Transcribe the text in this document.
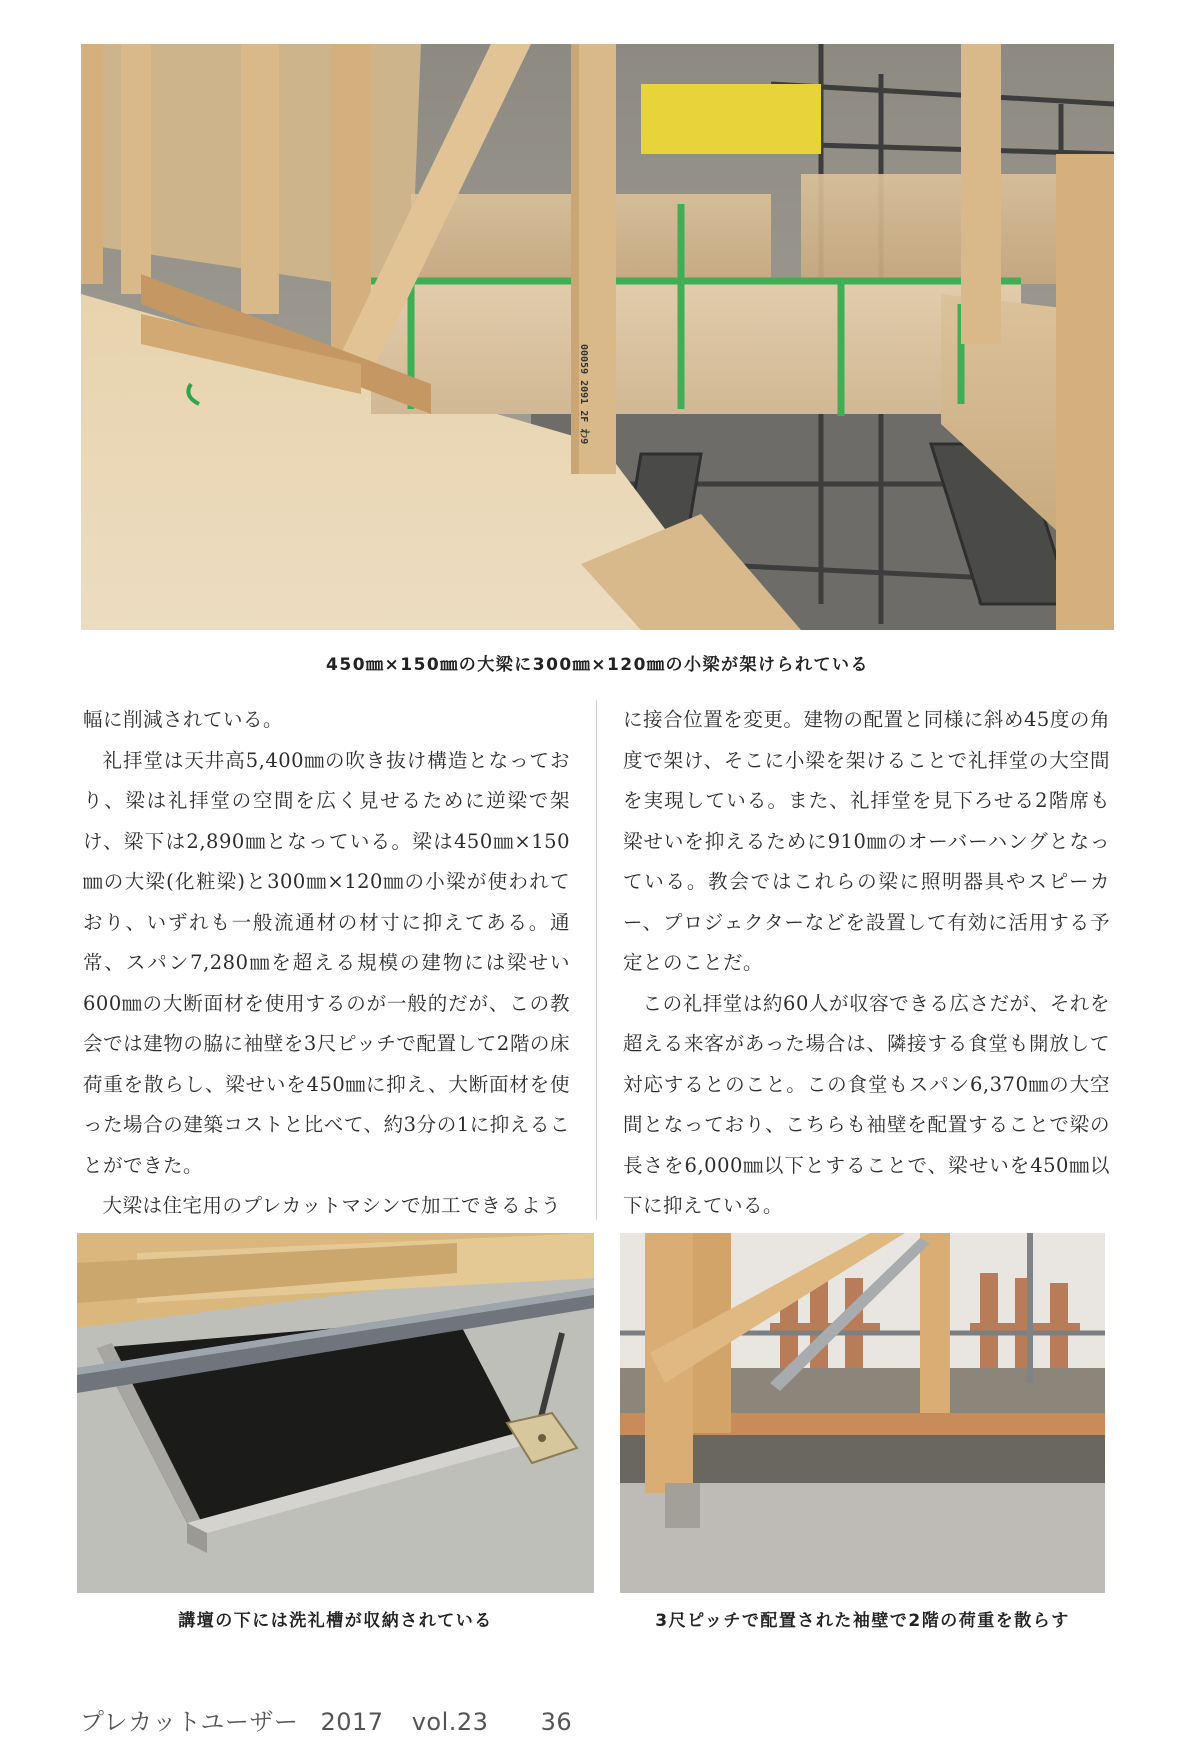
00059 2091 2F わ9
450㎜×150㎜の大梁に300㎜×120㎜の小梁が架けられている

幅に削減されている。

礼拝堂は天井高5,400㎜の吹き抜け構造となっており、梁は礼拝堂の空間を広く見せるために逆梁で架け、梁下は2,890㎜となっている。梁は450㎜×150㎜の大梁(化粧梁)と300㎜×120㎜の小梁が使われており、いずれも一般流通材の材寸に抑えてある。通常、スパン7,280㎜を超える規模の建物には梁せい600㎜の大断面材を使用するのが一般的だが、この教会では建物の脇に袖壁を3尺ピッチで配置して2階の床荷重を散らし、梁せいを450㎜に抑え、大断面材を使った場合の建築コストと比べて、約3分の1に抑えることができた。

大梁は住宅用のプレカットマシンで加工できるよう

に接合位置を変更。建物の配置と同様に斜め45度の角度で架け、そこに小梁を架けることで礼拝堂の大空間を実現している。また、礼拝堂を見下ろせる2階席も梁せいを抑えるために910㎜のオーバーハングとなっている。教会ではこれらの梁に照明器具やスピーカー、プロジェクターなどを設置して有効に活用する予定とのことだ。

この礼拝堂は約60人が収容できる広さだが、それを超える来客があった場合は、隣接する食堂も開放して対応するとのこと。この食堂もスパン6,370㎜の大空間となっており、こちらも袖壁を配置することで梁の長さを6,000㎜以下とすることで、梁せいを450㎜以下に抑えている。

講壇の下には洗礼槽が収納されている	3尺ピッチで配置された袖壁で2階の荷重を散らす
プレカットユーザー 2017 vol.23 36
